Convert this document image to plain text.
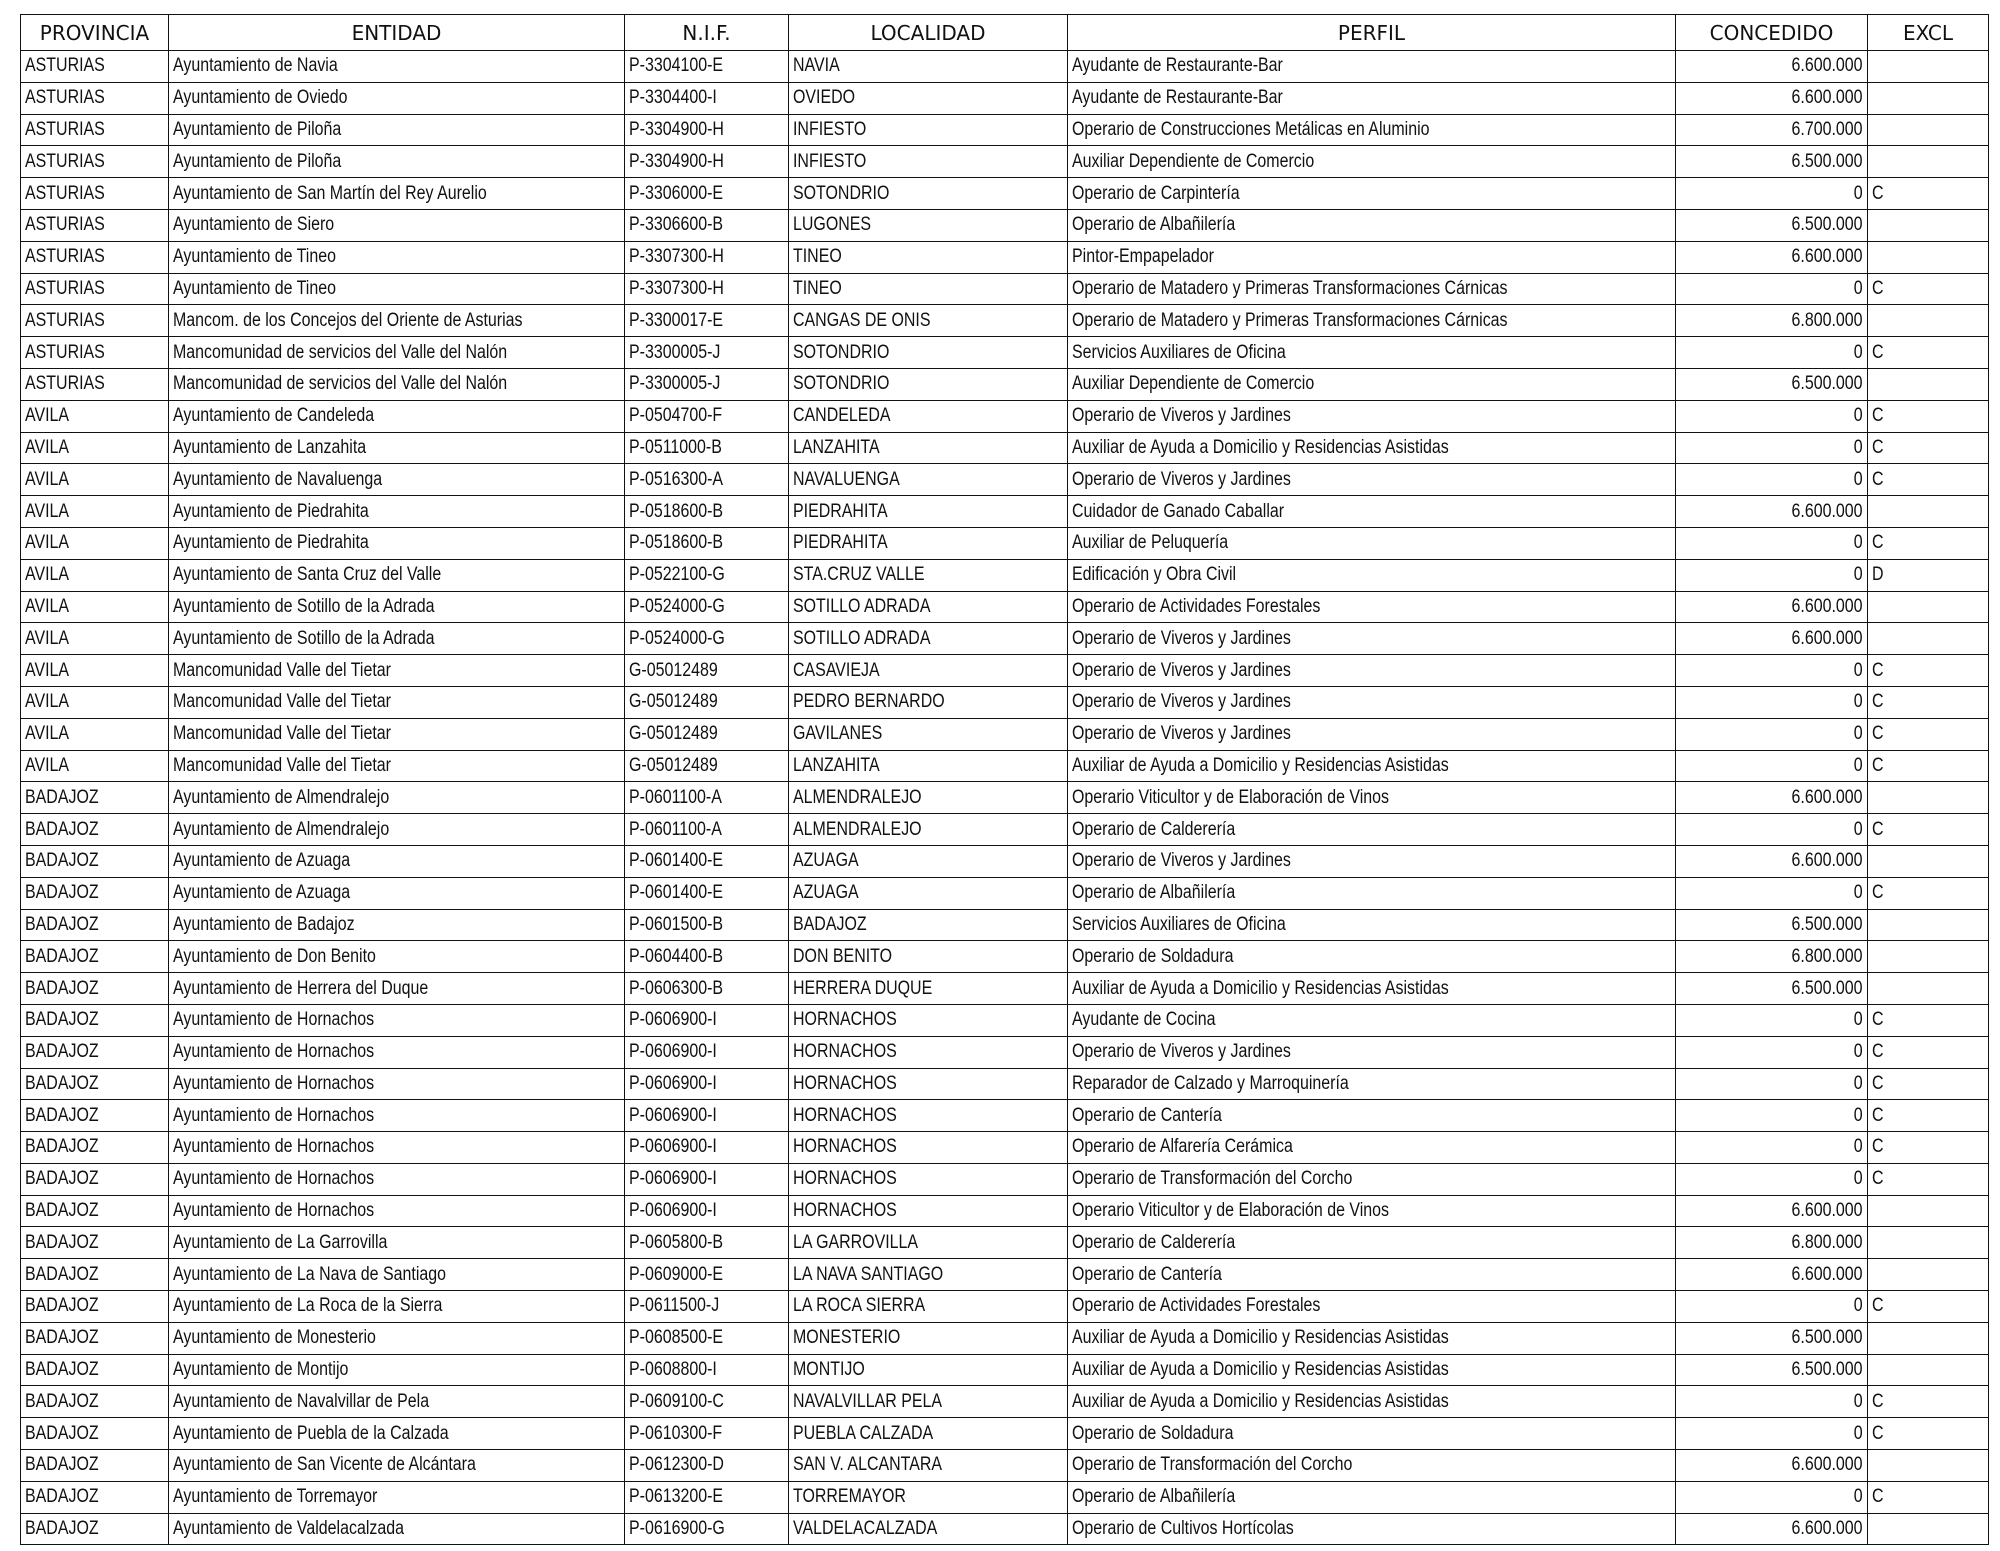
PROVINCIA	ENTIDAD	N.I.F.	LOCALIDAD	PERFIL	CONCEDIDO	EXCL
ASTURIAS	Ayuntamiento de Navia	P-3304100-E	NAVIA	Ayudante de Restaurante-Bar	6.600.000	
ASTURIAS	Ayuntamiento de Oviedo	P-3304400-I	OVIEDO	Ayudante de Restaurante-Bar	6.600.000	
ASTURIAS	Ayuntamiento de Piloña	P-3304900-H	INFIESTO	Operario de Construcciones Metálicas en Aluminio	6.700.000	
ASTURIAS	Ayuntamiento de Piloña	P-3304900-H	INFIESTO	Auxiliar Dependiente de Comercio	6.500.000	
ASTURIAS	Ayuntamiento de San Martín del Rey Aurelio	P-3306000-E	SOTONDRIO	Operario de Carpintería	0	C
ASTURIAS	Ayuntamiento de Siero	P-3306600-B	LUGONES	Operario de Albañilería	6.500.000	
ASTURIAS	Ayuntamiento de Tineo	P-3307300-H	TINEO	Pintor-Empapelador	6.600.000	
ASTURIAS	Ayuntamiento de Tineo	P-3307300-H	TINEO	Operario de Matadero y Primeras Transformaciones Cárnicas	0	C
ASTURIAS	Mancom. de los Concejos del Oriente de Asturias	P-3300017-E	CANGAS DE ONIS	Operario de Matadero y Primeras Transformaciones Cárnicas	6.800.000	
ASTURIAS	Mancomunidad de servicios del Valle del Nalón	P-3300005-J	SOTONDRIO	Servicios Auxiliares de Oficina	0	C
ASTURIAS	Mancomunidad de servicios del Valle del Nalón	P-3300005-J	SOTONDRIO	Auxiliar Dependiente de Comercio	6.500.000	
AVILA	Ayuntamiento de Candeleda	P-0504700-F	CANDELEDA	Operario de Viveros y Jardines	0	C
AVILA	Ayuntamiento de Lanzahita	P-0511000-B	LANZAHITA	Auxiliar de Ayuda a Domicilio y Residencias Asistidas	0	C
AVILA	Ayuntamiento de Navaluenga	P-0516300-A	NAVALUENGA	Operario de Viveros y Jardines	0	C
AVILA	Ayuntamiento de Piedrahita	P-0518600-B	PIEDRAHITA	Cuidador de Ganado Caballar	6.600.000	
AVILA	Ayuntamiento de Piedrahita	P-0518600-B	PIEDRAHITA	Auxiliar de Peluquería	0	C
AVILA	Ayuntamiento de Santa Cruz del Valle	P-0522100-G	STA.CRUZ VALLE	Edificación y Obra Civil	0	D
AVILA	Ayuntamiento de Sotillo de la Adrada	P-0524000-G	SOTILLO ADRADA	Operario de Actividades Forestales	6.600.000	
AVILA	Ayuntamiento de Sotillo de la Adrada	P-0524000-G	SOTILLO ADRADA	Operario de Viveros y Jardines	6.600.000	
AVILA	Mancomunidad Valle del Tietar	G-05012489	CASAVIEJA	Operario de Viveros y Jardines	0	C
AVILA	Mancomunidad Valle del Tietar	G-05012489	PEDRO BERNARDO	Operario de Viveros y Jardines	0	C
AVILA	Mancomunidad Valle del Tietar	G-05012489	GAVILANES	Operario de Viveros y Jardines	0	C
AVILA	Mancomunidad Valle del Tietar	G-05012489	LANZAHITA	Auxiliar de Ayuda a Domicilio y Residencias Asistidas	0	C
BADAJOZ	Ayuntamiento de Almendralejo	P-0601100-A	ALMENDRALEJO	Operario Viticultor y de Elaboración de Vinos	6.600.000	
BADAJOZ	Ayuntamiento de Almendralejo	P-0601100-A	ALMENDRALEJO	Operario de Calderería	0	C
BADAJOZ	Ayuntamiento de Azuaga	P-0601400-E	AZUAGA	Operario de Viveros y Jardines	6.600.000	
BADAJOZ	Ayuntamiento de Azuaga	P-0601400-E	AZUAGA	Operario de Albañilería	0	C
BADAJOZ	Ayuntamiento de Badajoz	P-0601500-B	BADAJOZ	Servicios Auxiliares de Oficina	6.500.000	
BADAJOZ	Ayuntamiento de Don Benito	P-0604400-B	DON BENITO	Operario de Soldadura	6.800.000	
BADAJOZ	Ayuntamiento de Herrera del Duque	P-0606300-B	HERRERA DUQUE	Auxiliar de Ayuda a Domicilio y Residencias Asistidas	6.500.000	
BADAJOZ	Ayuntamiento de Hornachos	P-0606900-I	HORNACHOS	Ayudante de Cocina	0	C
BADAJOZ	Ayuntamiento de Hornachos	P-0606900-I	HORNACHOS	Operario de Viveros y Jardines	0	C
BADAJOZ	Ayuntamiento de Hornachos	P-0606900-I	HORNACHOS	Reparador de Calzado y Marroquinería	0	C
BADAJOZ	Ayuntamiento de Hornachos	P-0606900-I	HORNACHOS	Operario de Cantería	0	C
BADAJOZ	Ayuntamiento de Hornachos	P-0606900-I	HORNACHOS	Operario de Alfarería Cerámica	0	C
BADAJOZ	Ayuntamiento de Hornachos	P-0606900-I	HORNACHOS	Operario de Transformación del Corcho	0	C
BADAJOZ	Ayuntamiento de Hornachos	P-0606900-I	HORNACHOS	Operario Viticultor y de Elaboración de Vinos	6.600.000	
BADAJOZ	Ayuntamiento de La Garrovilla	P-0605800-B	LA GARROVILLA	Operario de Calderería	6.800.000	
BADAJOZ	Ayuntamiento de La Nava de Santiago	P-0609000-E	LA NAVA SANTIAGO	Operario de Cantería	6.600.000	
BADAJOZ	Ayuntamiento de La Roca de la Sierra	P-0611500-J	LA ROCA SIERRA	Operario de Actividades Forestales	0	C
BADAJOZ	Ayuntamiento de Monesterio	P-0608500-E	MONESTERIO	Auxiliar de Ayuda a Domicilio y Residencias Asistidas	6.500.000	
BADAJOZ	Ayuntamiento de Montijo	P-0608800-I	MONTIJO	Auxiliar de Ayuda a Domicilio y Residencias Asistidas	6.500.000	
BADAJOZ	Ayuntamiento de Navalvillar de Pela	P-0609100-C	NAVALVILLAR PELA	Auxiliar de Ayuda a Domicilio y Residencias Asistidas	0	C
BADAJOZ	Ayuntamiento de Puebla de la Calzada	P-0610300-F	PUEBLA CALZADA	Operario de Soldadura	0	C
BADAJOZ	Ayuntamiento de San Vicente de Alcántara	P-0612300-D	SAN V. ALCANTARA	Operario de Transformación del Corcho	6.600.000	
BADAJOZ	Ayuntamiento de Torremayor	P-0613200-E	TORREMAYOR	Operario de Albañilería	0	C
BADAJOZ	Ayuntamiento de Valdelacalzada	P-0616900-G	VALDELACALZADA	Operario de Cultivos Hortícolas	6.600.000	
